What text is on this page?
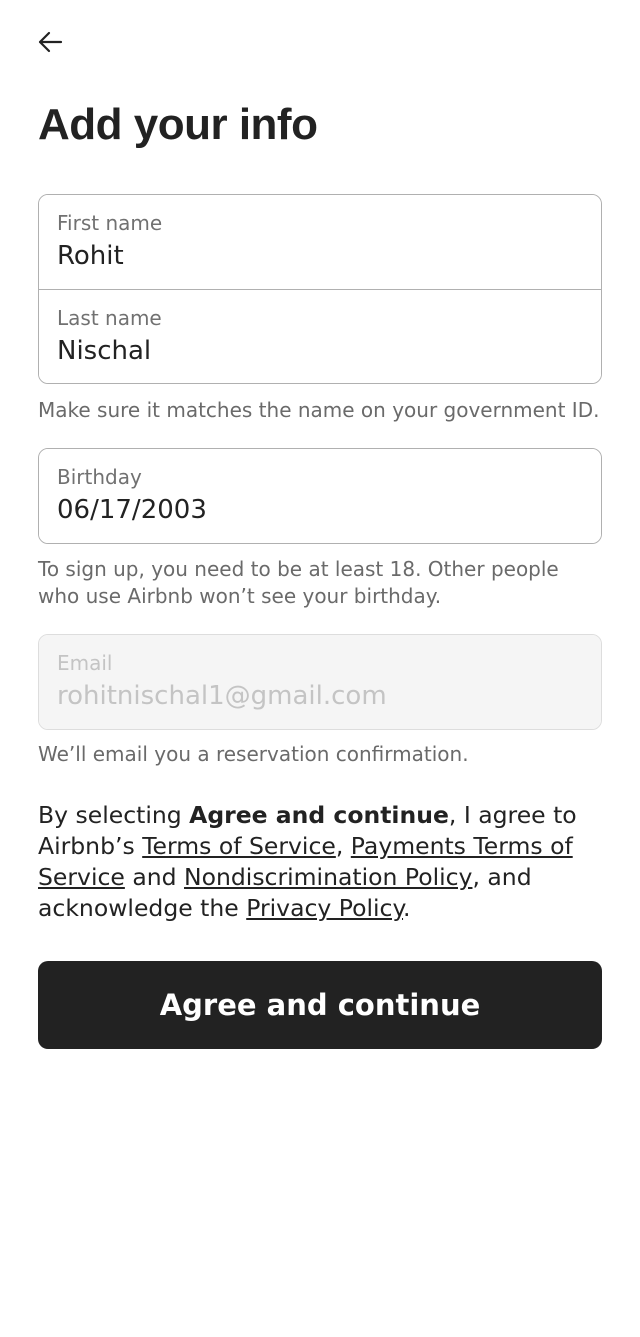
Add your info
First name
Rohit
Last name
Nischal

Make sure it matches the name on your government ID.

Birthday
06/17/2003

To sign up, you need to be at least 18. Other people who use Airbnb won’t see your birthday.

Email
rohitnischal1@gmail.com

We’ll email you a reservation confirmation.

By selecting Agree and continue, I agree to Airbnb’s Terms of Service, Payments Terms of Service and Nondiscrimination Policy, and acknowledge the Privacy Policy.

Agree and continue
